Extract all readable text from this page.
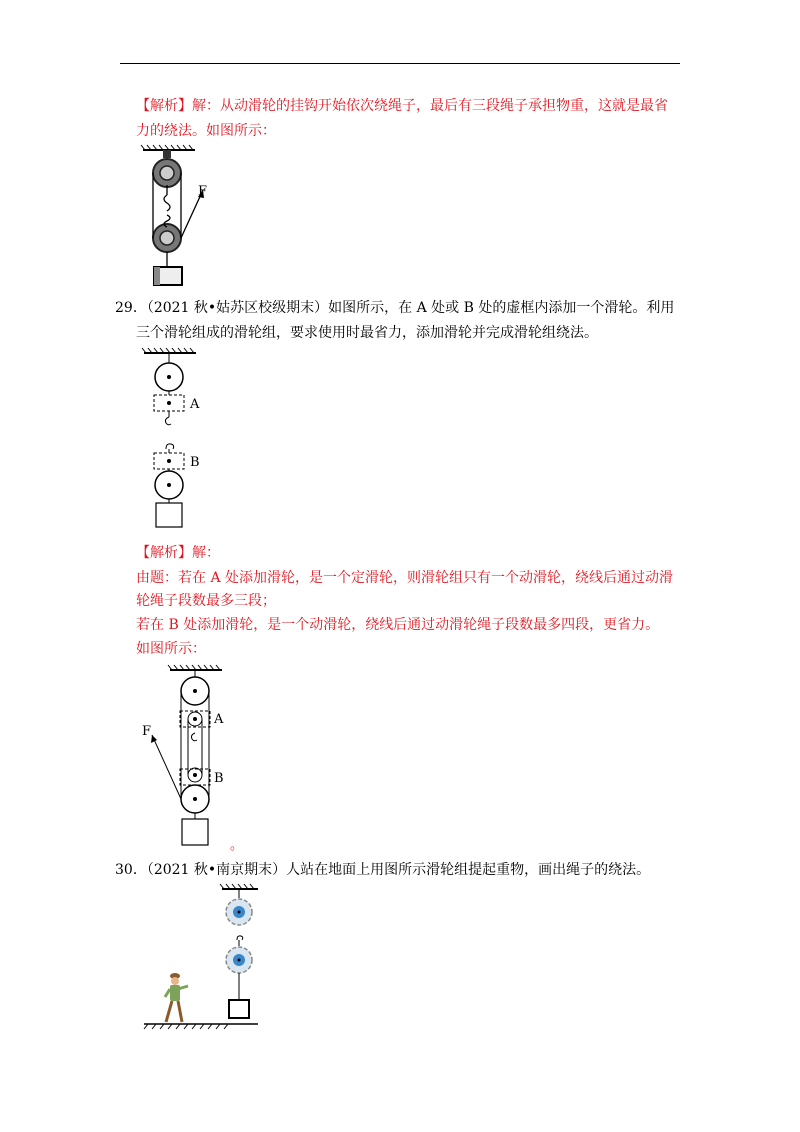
【解析】解：从动滑轮的挂钩开始依次绕绳子，最后有三段绳子承担物重，这就是最省
力的绕法。如图所示：
F
29．（2021 秋•姑苏区校级期末）如图所示，在 A 处或 B 处的虚框内添加一个滑轮。利用
三个滑轮组成的滑轮组，要求使用时最省力，添加滑轮并完成滑轮组绕法。
A
B
【解析】解：
由题：若在 A 处添加滑轮，是一个定滑轮，则滑轮组只有一个动滑轮，绕线后通过动滑
轮绳子段数最多三段；
若在 B 处添加滑轮，是一个动滑轮，绕线后通过动滑轮绳子段数最多四段，更省力。
如图所示：
A
B
F
。
30．（2021 秋•南京期末）人站在地面上用图所示滑轮组提起重物，画出绳子的绕法。
